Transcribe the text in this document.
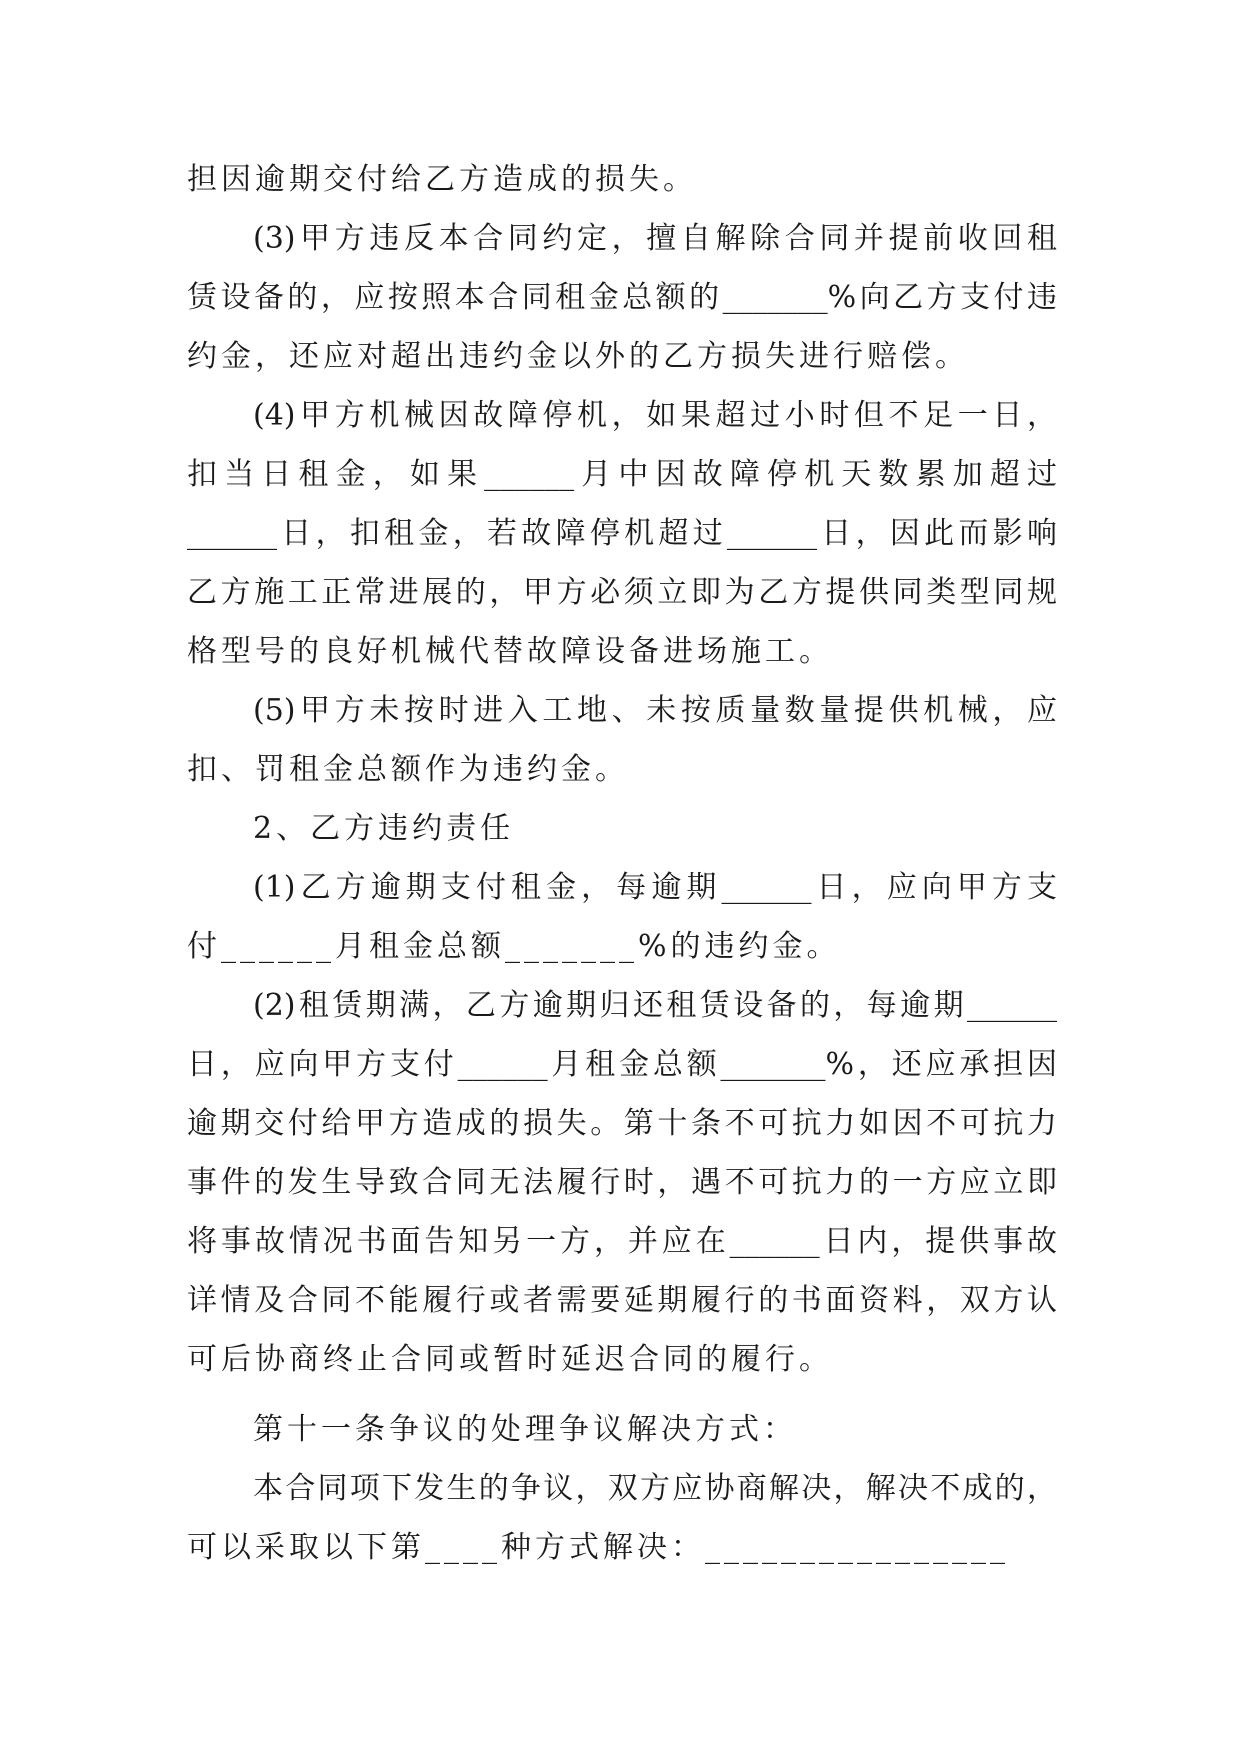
担因逾期交付给乙方造成的损失。
(3)甲方违反本合同约定，擅自解除合同并提前收回租
赁设备的，应按照本合同租金总额的_______%向乙方支付违
约金，还应对超出违约金以外的乙方损失进行赔偿。
(4)甲方机械因故障停机，如果超过小时但不足一日，
扣当日租金，如果______月中因故障停机天数累加超过
______日，扣租金，若故障停机超过______日，因此而影响
乙方施工正常进展的，甲方必须立即为乙方提供同类型同规
格型号的良好机械代替故障设备进场施工。
(5)甲方未按时进入工地、未按质量数量提供机械，应
扣、罚租金总额作为违约金。
2、乙方违约责任
(1)乙方逾期支付租金，每逾期______日，应向甲方支
付______月租金总额_______%的违约金。
(2)租赁期满，乙方逾期归还租赁设备的，每逾期______
日，应向甲方支付______月租金总额_______%，还应承担因
逾期交付给甲方造成的损失。第十条不可抗力如因不可抗力
事件的发生导致合同无法履行时，遇不可抗力的一方应立即
将事故情况书面告知另一方，并应在______日内，提供事故
详情及合同不能履行或者需要延期履行的书面资料，双方认
可后协商终止合同或暂时延迟合同的履行。
第十一条争议的处理争议解决方式：
本合同项下发生的争议，双方应协商解决，解决不成的，
可以采取以下第____种方式解决：________________
